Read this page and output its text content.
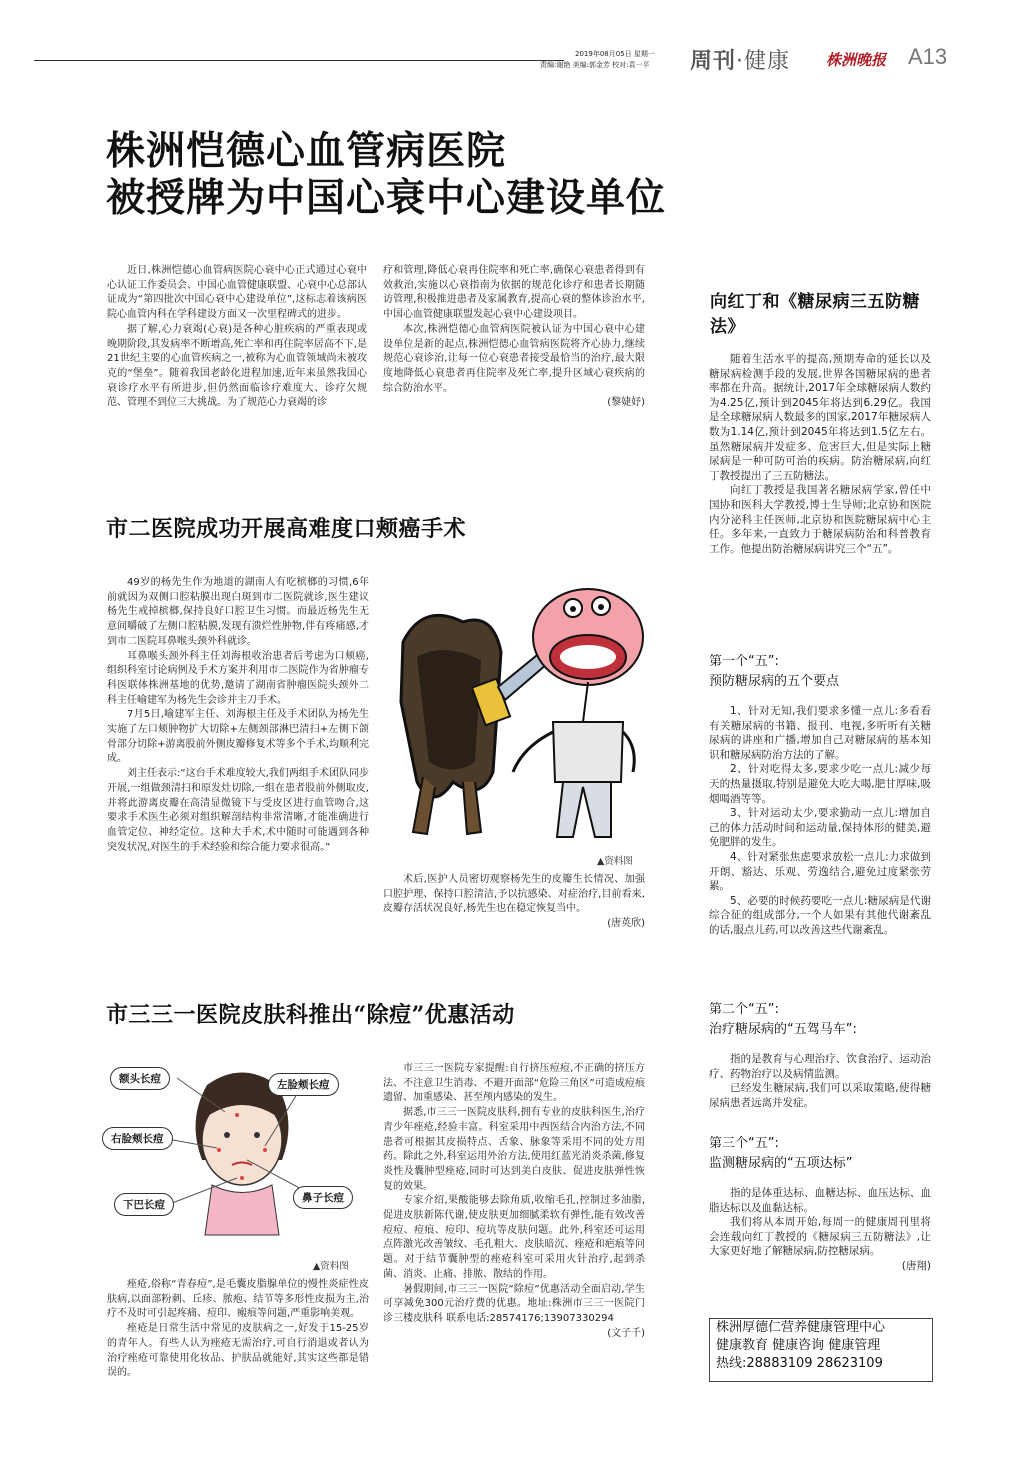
2019年08月05日 星期一
责编:谢艳 美编:郭金芳 校对:袁一平	周刊·健康 株洲晚报 A13
株洲恺德心血管病医院
被授牌为中国心衰中心建设单位

近日,株洲恺德心血管病医院心衰中心正式通过心衰中心认证工作委员会、中国心血管健康联盟、心衰中心总部认证成为“第四批次中国心衰中心建设单位”,这标志着该病医院心血管内科在学科建设方面又一次里程碑式的进步。

据了解,心力衰竭(心衰)是各种心脏疾病的严重表现或晚期阶段,其发病率不断增高,死亡率和再住院率居高不下,是21世纪主要的心血管疾病之一,被称为心血管领域尚未被攻克的“堡垒”。随着我国老龄化进程加速,近年来虽然我国心衰诊疗水平有所进步,但仍然面临诊疗难度大、诊疗欠规范、管理不到位三大挑战。为了规范心力衰竭的诊

疗和管理,降低心衰再住院率和死亡率,确保心衰患者得到有效救治,实施以心衰指南为依据的规范化诊疗和患者长期随访管理,积极推进患者及家属教育,提高心衰的整体诊治水平,中国心血管健康联盟发起心衰中心建设项目。

本次,株洲恺德心血管病医院被认证为中国心衰中心建设单位是新的起点,株洲恺德心血管病医院将齐心协力,继续规范心衰诊治,让每一位心衰患者接受最恰当的治疗,最大限度地降低心衰患者再住院率及死亡率,提升区域心衰疾病的综合防治水平。

(黎婕妤)
市二医院成功开展高难度口颊癌手术

49岁的杨先生作为地道的湖南人有吃槟榔的习惯,6年前就因为双侧口腔粘膜出现白斑到市二医院就诊,医生建议杨先生戒掉槟榔,保持良好口腔卫生习惯。而最近杨先生无意间嚼破了左侧口腔粘膜,发现有溃烂性肿物,伴有疼痛感,才到市二医院耳鼻喉头颈外科就诊。

耳鼻喉头颈外科主任刘海根收治患者后考虑为口颊癌,组织科室讨论病例及手术方案并利用市二医院作为省肿瘤专科医联体株洲基地的优势,邀请了湖南省肿瘤医院头颈外二科主任喻建军为杨先生会诊并主刀手术。

7月5日,喻建军主任、刘海根主任及手术团队为杨先生实施了左口颊肿物扩大切除+左侧颈部淋巴清扫+左侧下颌骨部分切除+游离股前外侧皮瓣修复术等多个手术,均顺利完成。

刘主任表示:“这台手术难度较大,我们两组手术团队同步开展,一组做颈清扫和原发灶切除,一组在患者股前外侧取皮,并将此游离皮瓣在高清显微镜下与受皮区进行血管吻合,这要求手术医生必须对组织解剖结构非常清晰,才能准确进行血管定位、神经定位。这种大手术,术中随时可能遇到各种突发状况,对医生的手术经验和综合能力要求很高。”

▲资料图

术后,医护人员密切观察杨先生的皮瓣生长情况、加强口腔护理、保持口腔清洁,予以抗感染、对症治疗,目前看来,皮瓣存活状况良好,杨先生也在稳定恢复当中。

(唐英欣)
市三三一医院皮肤科推出“除痘”优惠活动
额头长痘	左脸颊长痘
右脸颊长痘
下巴长痘
鼻子长痘
▲资料图

痤疮,俗称“青春痘”,是毛囊皮脂腺单位的慢性炎症性皮肤病,以面部粉刺、丘疹、脓疱、结节等多形性皮损为主,治疗不及时可引起疼痛、痘印、瘢痕等问题,严重影响美观。

痤疮是日常生活中常见的皮肤病之一,好发于15-25岁的青年人。有些人认为痤疮无需治疗,可自行消退或者认为治疗痤疮可靠使用化妆品、护肤品就能好,其实这些都是错误的。

市三三一医院专家提醒:自行挤压痘痘,不正确的挤压方法、不注意卫生消毒、不避开面部“危险三角区”可造成痘痕遗留、加重感染、甚至颅内感染的发生。

据悉,市三三一医院皮肤科,拥有专业的皮肤科医生,治疗青少年痤疮,经验丰富。科室采用中西医结合内治方法,不同患者可根据其皮损特点、舌象、脉象等采用不同的处方用药。除此之外,科室运用外治方法,使用红蓝光消炎杀菌,修复炎性及囊肿型痤疮,同时可达到美白皮肤、促进皮肤弹性恢复的效果。

专家介绍,果酸能够去除角质,收缩毛孔,控制过多油脂,促进皮肤新陈代谢,使皮肤更加细腻柔软有弹性,能有效改善痘痘、痘痕、痘印、痘坑等皮肤问题。此外,科室还可运用点阵激光改善皱纹、毛孔粗大、皮肤暗沉、痤疮和疤痕等问题。对于结节囊肿型的痤疮科室可采用火针治疗,起到杀菌、消炎、止痛、排脓、散结的作用。

暑假期间,市三三一医院“除痘”优惠活动全面启动,学生可享减免300元治疗费的优惠。地址:株洲市三三一医院门诊三楼皮肤科 联系电话:28574176;13907330294

(文子千)
向红丁和《糖尿病三五防糖法》

随着生活水平的提高,预期寿命的延长以及糖尿病检测手段的发展,世界各国糖尿病的患者率都在升高。据统计,2017年全球糖尿病人数约为4.25亿,预计到2045年将达到6.29亿。我国是全球糖尿病人数最多的国家,2017年糖尿病人数为1.14亿,预计到2045年将达到1.5亿左右。虽然糖尿病并发症多、危害巨大,但是实际上糖尿病是一种可防可治的疾病。防治糖尿病,向红丁教授提出了三五防糖法。

向红丁教授是我国著名糖尿病学家,曾任中国协和医科大学教授,博士生导师;北京协和医院内分泌科主任医师,北京协和医院糖尿病中心主任。多年来,一直致力于糖尿病防治和科普教育工作。他提出防治糖尿病讲究三个“五”。

第一个“五”:
预防糖尿病的五个要点

1、针对无知,我们要求多懂一点儿:多看看有关糖尿病的书籍、报刊、电视,多听听有关糖尿病的讲座和广播,增加自己对糖尿病的基本知识和糖尿病防治方法的了解。

2、针对吃得太多,要求少吃一点儿:减少每天的热量摄取,特别是避免大吃大喝,肥甘厚味,吸烟喝酒等等。

3、针对运动太少,要求勤动一点儿:增加自己的体力活动时间和运动量,保持体形的健美,避免肥胖的发生。

4、针对紧张焦虑要求放松一点儿:力求做到开朗、豁达、乐观、劳逸结合,避免过度紧张劳累。

5、必要的时候药要吃一点儿:糖尿病是代谢综合征的组成部分,一个人如果有其他代谢紊乱的话,服点儿药,可以改善这些代谢紊乱。

第二个“五”:
治疗糖尿病的“五驾马车”:

指的是教育与心理治疗、饮食治疗、运动治疗、药物治疗以及病情监测。

已经发生糖尿病,我们可以采取策略,使得糖尿病患者远离并发症。

第三个“五”:
监测糖尿病的“五项达标”

指的是体重达标、血糖达标、血压达标、血脂达标以及血黏达标。

我们将从本周开始,每周一的健康周刊里将会连载向红丁教授的《糖尿病三五防糖法》,让大家更好地了解糖尿病,防控糖尿病。

(唐翔)
株洲厚德仁营养健康管理中心
健康教育 健康咨询 健康管理
热线:28883109 28623109
